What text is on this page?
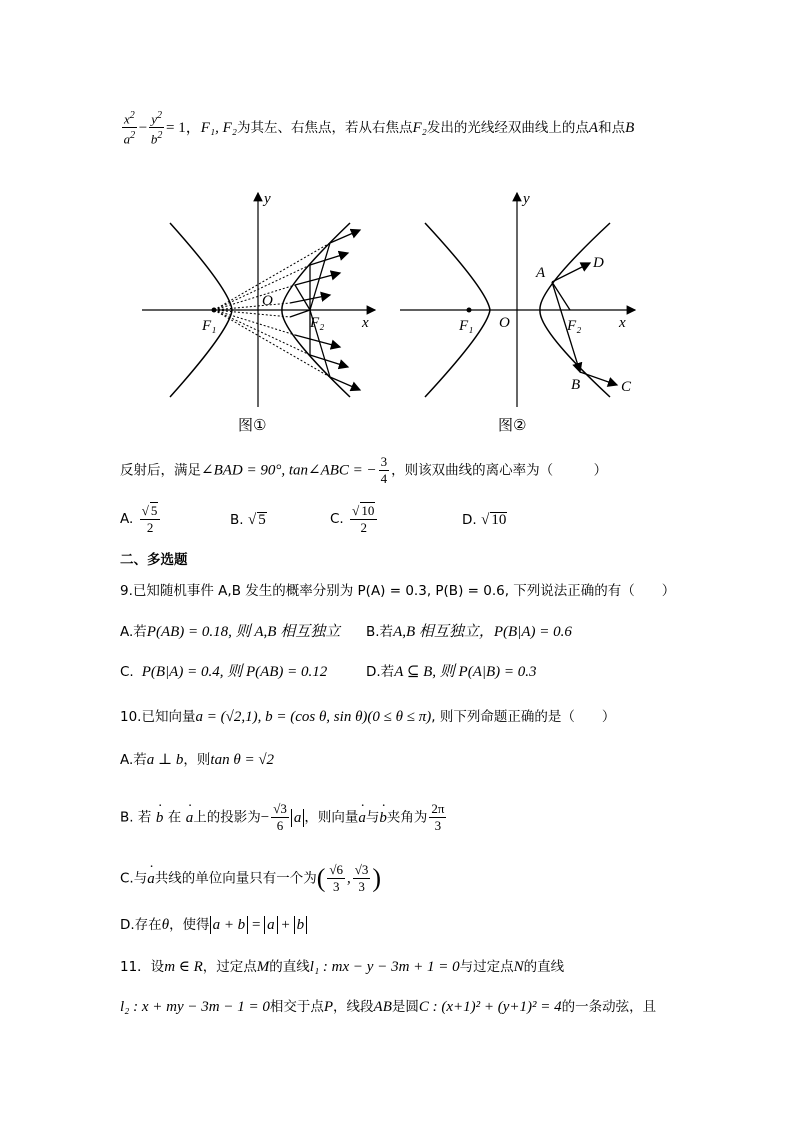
$\frac{x^2}{a^2} - \frac{y^2}{b^2} = 1$，F₁, F₂为其左、右焦点，若从右焦点F₂发出的光线经双曲线上的点A和点B
y
x
O
F₁	F₂
图①
y
x
O
F₁	F₂
A
D
B	C
图②
反射后，满足∠BAD = 90°, tan∠ABC = − $\frac{3}{4}$ ，则该双曲线的离心率为（　　　）
A. $\frac{√ 5}{2}$	B. √ 5	C. $\frac{√ 10}{2}$	D. √ 10
二、多选题
9.已知随机事件 A,B 发生的概率分别为 P(A) = 0.3, P(B) = 0.6, 下列说法正确的有（　　）
A.若P(AB) = 0.18, 则 A,B 相互独立 B.若A,B 相互独立，P(B|A) = 0.6
C. P(B|A) = 0.4, 则 P(AB) = 0.12	D.若A ⊆ B, 则 P(A|B) = 0.3
10.已知向量a = (√2,1), b = (cos θ, sin θ)(0 ≤ θ ≤ π), 则下列命题正确的是（　　）
A.若a ⊥ b，则tan θ = √2
B. 若 · b 在 · a上的投影为− $\frac{√3}{6}$ a ，则向量· a与· b夹角为 $\frac{2\pi}{3}$
C.与· a共线的单位向量只有一个为( $\frac{√6}{3}$ , $\frac{√3}{3}$ )
D.存在θ，使得 a + b = a + b
11．设m ∈ R，过定点M的直线l₁ : mx − y − 3m + 1 = 0与过定点N的直线
l₂ : x + my − 3m − 1 = 0相交于点P，线段AB是圆C : (x+1)² + (y+1)² = 4的一条动弦，且
